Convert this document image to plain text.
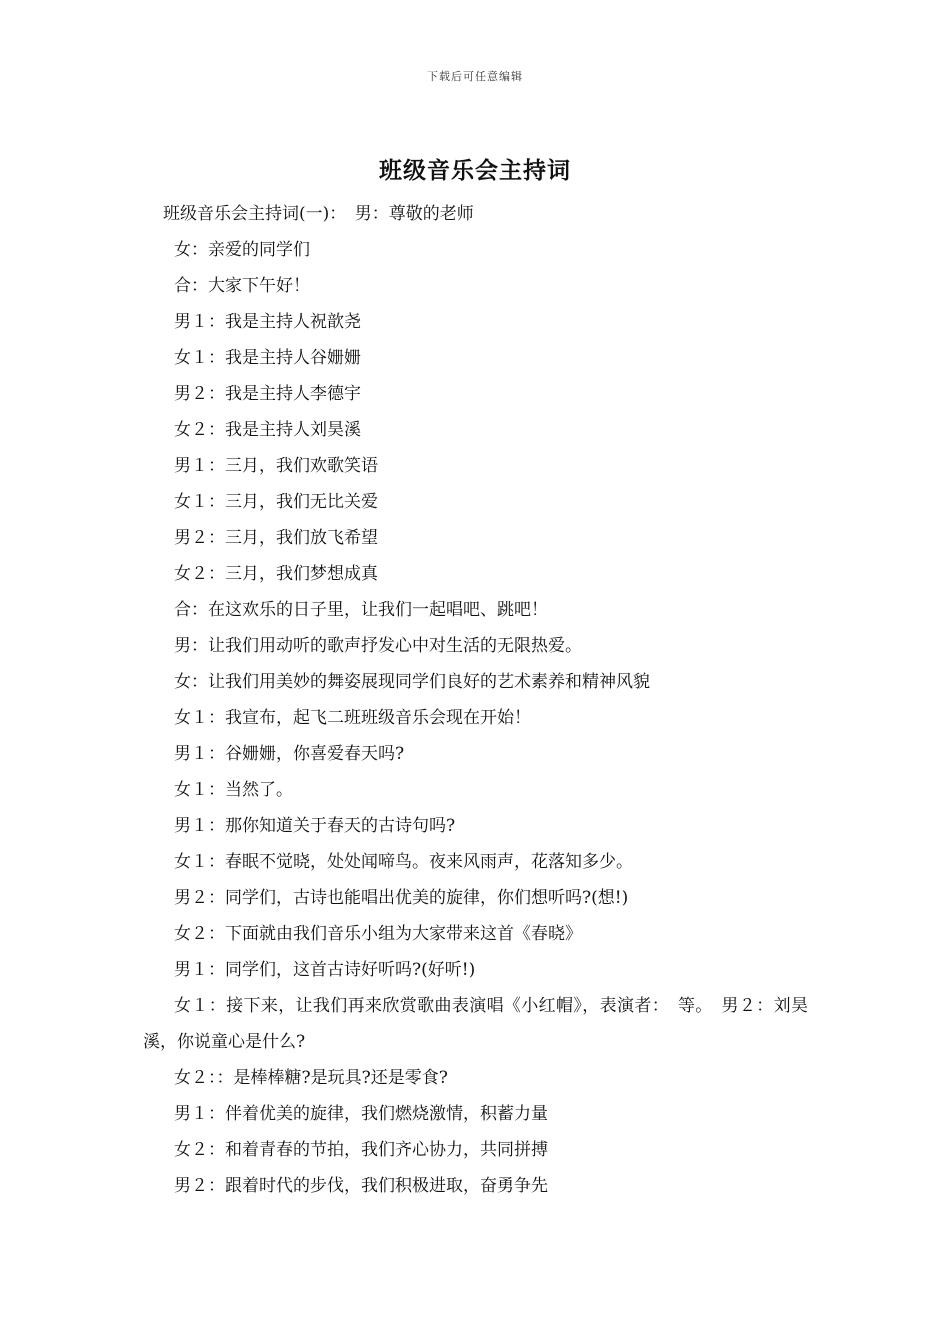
下载后可任意编辑
班级音乐会主持词

班级音乐会主持词(一)：　男：尊敬的老师

女：亲爱的同学们

合：大家下午好！

男１：我是主持人祝歆尧

女１：我是主持人谷姗姗

男２：我是主持人李德宇

女２：我是主持人刘昊溪

男１：三月，我们欢歌笑语

女１：三月，我们无比关爱

男２：三月，我们放飞希望

女２：三月，我们梦想成真

合：在这欢乐的日子里，让我们一起唱吧、跳吧！

男：让我们用动听的歌声抒发心中对生活的无限热爱。

女：让我们用美妙的舞姿展现同学们良好的艺术素养和精神风貌

女１：我宣布，起飞二班班级音乐会现在开始！

男１：谷姗姗，你喜爱春天吗?

女１：当然了。

男１：那你知道关于春天的古诗句吗?

女１：春眠不觉晓，处处闻啼鸟。夜来风雨声，花落知多少。

男２：同学们，古诗也能唱出优美的旋律，你们想听吗?(想!)

女２：下面就由我们音乐小组为大家带来这首《春晓》

男１：同学们，这首古诗好听吗?(好听!)

女１：接下来，让我们再来欣赏歌曲表演唱《小红帽》，表演者：　等。　男２：刘昊溪，你说童心是什么?

女２：：是棒棒糖?是玩具?还是零食?

男１：伴着优美的旋律，我们燃烧激情，积蓄力量

女２：和着青春的节拍，我们齐心协力，共同拼搏

男２：跟着时代的步伐，我们积极进取，奋勇争先
